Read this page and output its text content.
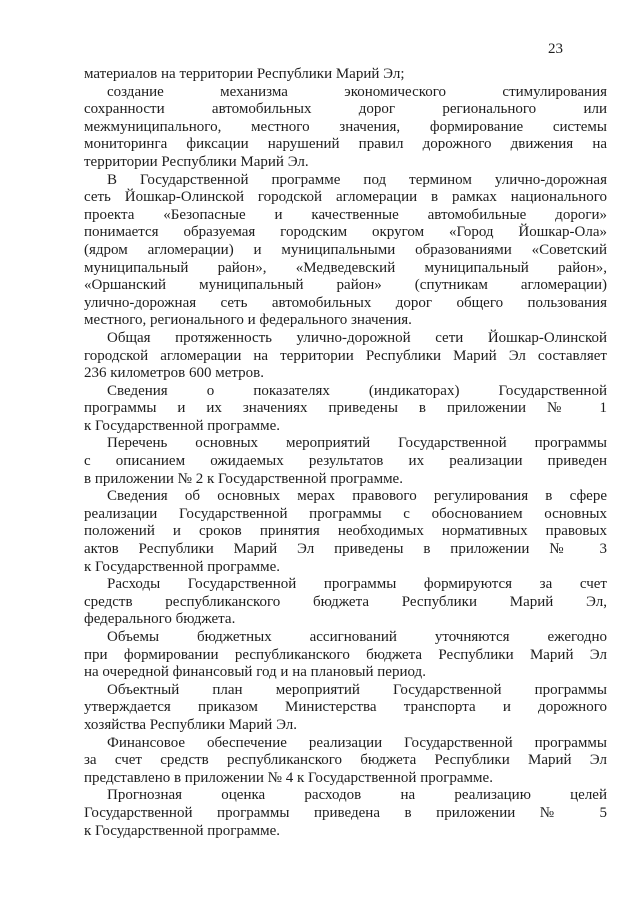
23
материалов на территории Республики Марий Эл;
создание механизма экономического стимулирования
сохранности автомобильных дорог регионального или
межмуниципального, местного значения, формирование системы
мониторинга фиксации нарушений правил дорожного движения на
территории Республики Марий Эл.
В Государственной программе под термином улично-дорожная
сеть Йошкар-Олинской городской агломерации в рамках национального
проекта «Безопасные и качественные автомобильные дороги»
понимается образуемая городским округом «Город Йошкар-Ола»
(ядром агломерации) и муниципальными образованиями «Советский
муниципальный район», «Медведевский муниципальный район»,
«Оршанский муниципальный район» (спутникам агломерации)
улично-дорожная сеть автомобильных дорог общего пользования
местного, регионального и федерального значения.
Общая протяженность улично-дорожной сети Йошкар-Олинской
городской агломерации на территории Республики Марий Эл составляет
236 километров 600 метров.
Сведения о показателях (индикаторах) Государственной
программы и их значениях приведены в приложении № 1
к Государственной программе.
Перечень основных мероприятий Государственной программы
с описанием ожидаемых результатов их реализации приведен
в приложении № 2 к Государственной программе.
Сведения об основных мерах правового регулирования в сфере
реализации Государственной программы с обоснованием основных
положений и сроков принятия необходимых нормативных правовых
актов Республики Марий Эл приведены в приложении № 3
к Государственной программе.
Расходы Государственной программы формируются за счет
средств республиканского бюджета Республики Марий Эл,
федерального бюджета.
Объемы бюджетных ассигнований уточняются ежегодно
при формировании республиканского бюджета Республики Марий Эл
на очередной финансовый год и на плановый период.
Объектный план мероприятий Государственной программы
утверждается приказом Министерства транспорта и дорожного
хозяйства Республики Марий Эл.
Финансовое обеспечение реализации Государственной программы
за счет средств республиканского бюджета Республики Марий Эл
представлено в приложении № 4 к Государственной программе.
Прогнозная оценка расходов на реализацию целей
Государственной программы приведена в приложении № 5
к Государственной программе.
